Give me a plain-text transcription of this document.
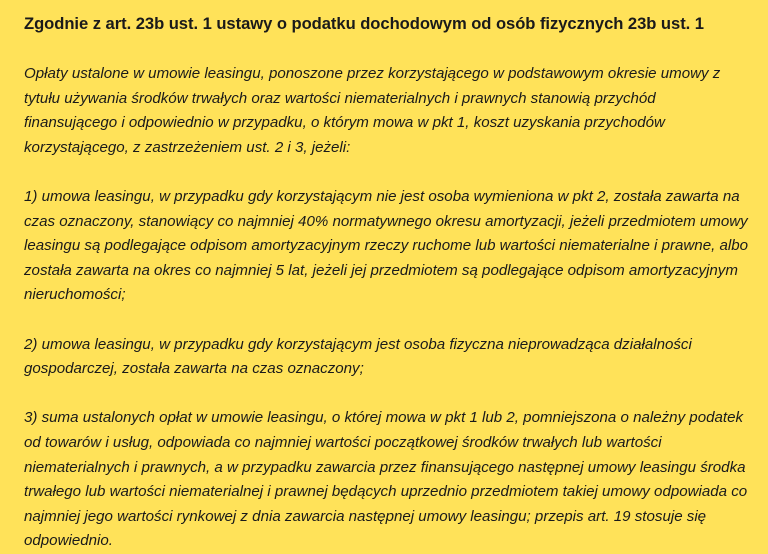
Zgodnie z art. 23b ust. 1 ustawy o podatku dochodowym od osób fizycznych 23b ust. 1

Opłaty ustalone w umowie leasingu, ponoszone przez korzystającego w podstawowym okresie umowy z tytułu używania środków trwałych oraz wartości niematerialnych i prawnych stanowią przychód finansującego i odpowiednio w przypadku, o którym mowa w pkt 1, koszt uzyskania przychodów korzystającego, z zastrzeżeniem ust. 2 i 3, jeżeli:

1) umowa leasingu, w przypadku gdy korzystającym nie jest osoba wymieniona w pkt 2, została zawarta na czas oznaczony, stanowiący co najmniej 40% normatywnego okresu amortyzacji, jeżeli przedmiotem umowy leasingu są podlegające odpisom amortyzacyjnym rzeczy ruchome lub wartości niematerialne i prawne, albo została zawarta na okres co najmniej 5 lat, jeżeli jej przedmiotem są podlegające odpisom amortyzacyjnym nieruchomości;

2) umowa leasingu, w przypadku gdy korzystającym jest osoba fizyczna nieprowadząca działalności gospodarczej, została zawarta na czas oznaczony;

3) suma ustalonych opłat w umowie leasingu, o której mowa w pkt 1 lub 2, pomniejszona o należny podatek od towarów i usług, odpowiada co najmniej wartości początkowej środków trwałych lub wartości niematerialnych i prawnych, a w przypadku zawarcia przez finansującego następnej umowy leasingu środka trwałego lub wartości niematerialnej i prawnej będących uprzednio przedmiotem takiej umowy odpowiada co najmniej jego wartości rynkowej z dnia zawarcia następnej umowy leasingu; przepis art. 19 stosuje się odpowiednio.
